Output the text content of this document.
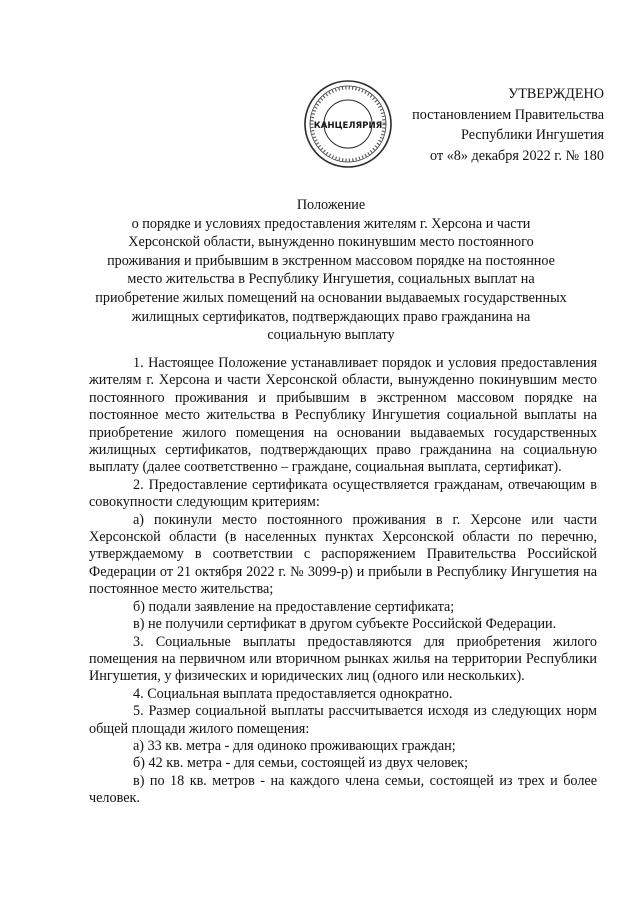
КАНЦЕЛЯРИЯ
УТВЕРЖДЕНО
постановлением Правительства
Республики Ингушетия
от «8» декабря 2022 г. № 180
Положение
о порядке и условиях предоставления жителям г. Херсона и части
Херсонской области, вынужденно покинувшим место постоянного
проживания и прибывшим в экстренном массовом порядке на постоянное
место жительства в Республику Ингушетия, социальных выплат на
приобретение жилых помещений на основании выдаваемых государственных
жилищных сертификатов, подтверждающих право гражданина на
социальную выплату

1. Настоящее Положение устанавливает порядок и условия предоставления жителям г. Херсона и части Херсонской области, вынужденно покинувшим место постоянного проживания и прибывшим в экстренном массовом порядке на постоянное место жительства в Республику Ингушетия социальной выплаты на приобретение жилого помещения на основании выдаваемых государственных жилищных сертификатов, подтверждающих право гражданина на социальную выплату (далее соответственно – граждане, социальная выплата, сертификат).

2. Предоставление сертификата осуществляется гражданам, отвечающим в совокупности следующим критериям:

а) покинули место постоянного проживания в г. Херсоне или части Херсонской области (в населенных пунктах Херсонской области по перечню, утверждаемому в соответствии с распоряжением Правительства Российской Федерации от 21 октября 2022 г. № 3099-р) и прибыли в Республику Ингушетия на постоянное место жительства;

б) подали заявление на предоставление сертификата;

в) не получили сертификат в другом субъекте Российской Федерации.

3. Социальные выплаты предоставляются для приобретения жилого помещения на первичном или вторичном рынках жилья на территории Республики Ингушетия, у физических и юридических лиц (одного или нескольких).

4. Социальная выплата предоставляется однократно.

5. Размер социальной выплаты рассчитывается исходя из следующих норм общей площади жилого помещения:

а) 33 кв. метра - для одиноко проживающих граждан;

б) 42 кв. метра - для семьи, состоящей из двух человек;

в) по 18 кв. метров - на каждого члена семьи, состоящей из трех и более человек.
